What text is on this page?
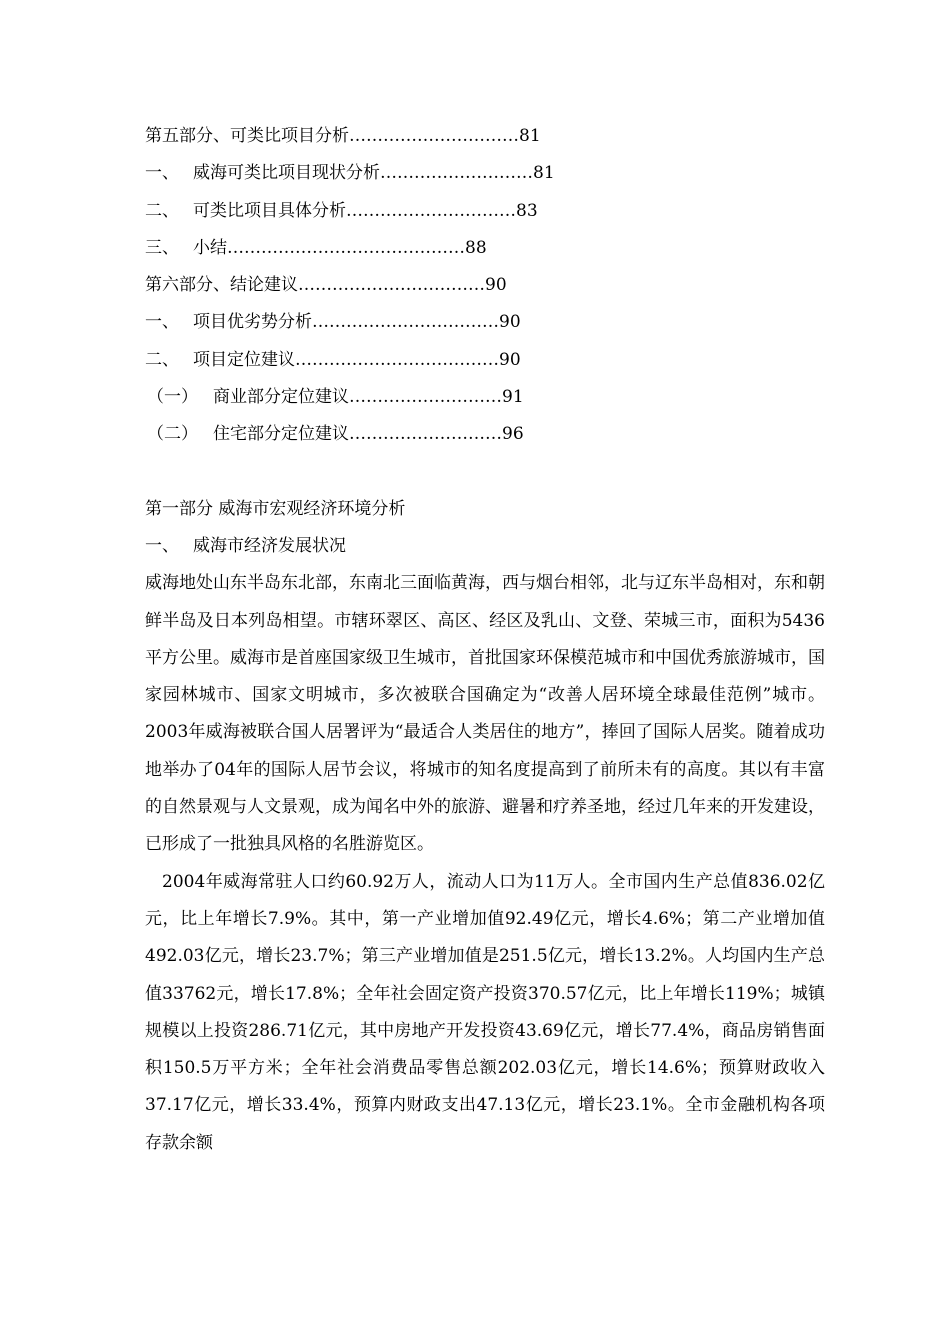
第五部分、可类比项目分析…………………………81
一、 威海可类比项目现状分析………………………81
二、 可类比项目具体分析…………………………83
三、 小结……………………………………88
第六部分、结论建议……………………………90
一、 项目优劣势分析……………………………90
二、 项目定位建议………………………………90
（一） 商业部分定位建议………………………91
（二） 住宅部分定位建议………………………96
第一部分 威海市宏观经济环境分析
一、 威海市经济发展状况

威海地处山东半岛东北部，东南北三面临黄海，西与烟台相邻，北与辽东半岛相对，东和朝鲜半岛及日本列岛相望。市辖环翠区、高区、经区及乳山、文登、荣城三市，面积为5436平方公里。威海市是首座国家级卫生城市，首批国家环保模范城市和中国优秀旅游城市，国家园林城市、国家文明城市，多次被联合国确定为“改善人居环境全球最佳范例”城市。2003年威海被联合国人居署评为“最适合人类居住的地方”，捧回了国际人居奖。随着成功地举办了04年的国际人居节会议，将城市的知名度提高到了前所未有的高度。其以有丰富的自然景观与人文景观，成为闻名中外的旅游、避暑和疗养圣地，经过几年来的开发建设，已形成了一批独具风格的名胜游览区。

2004年威海常驻人口约60.92万人，流动人口为11万人。全市国内生产总值836.02亿元，比上年增长7.9%。其中，第一产业增加值92.49亿元，增长4.6%；第二产业增加值492.03亿元，增长23.7%；第三产业增加值是251.5亿元，增长13.2%。人均国内生产总值33762元，增长17.8%；全年社会固定资产投资370.57亿元，比上年增长119%；城镇规模以上投资286.71亿元，其中房地产开发投资43.69亿元，增长77.4%，商品房销售面积150.5万平方米；全年社会消费品零售总额202.03亿元，增长14.6%；预算财政收入37.17亿元，增长33.4%，预算内财政支出47.13亿元，增长23.1%。全市金融机构各项存款余额
